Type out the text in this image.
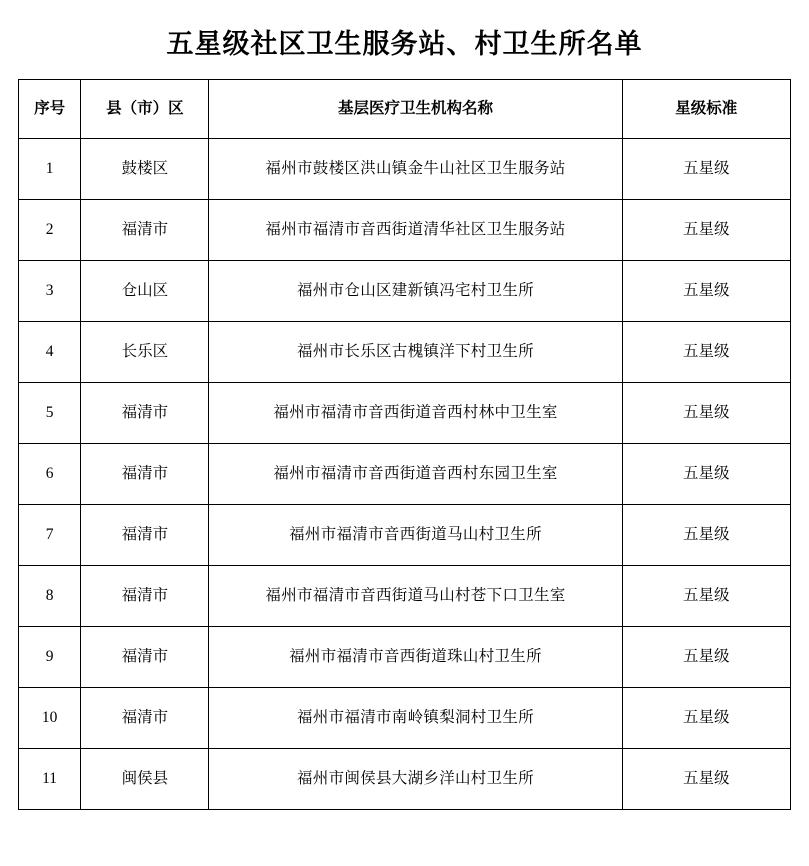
五星级社区卫生服务站、村卫生所名单
序号	县（市）区	基层医疗卫生机构名称	星级标准
1	鼓楼区	福州市鼓楼区洪山镇金牛山社区卫生服务站	五星级
2	福清市	福州市福清市音西街道清华社区卫生服务站	五星级
3	仓山区	福州市仓山区建新镇冯宅村卫生所	五星级
4	长乐区	福州市长乐区古槐镇洋下村卫生所	五星级
5	福清市	福州市福清市音西街道音西村林中卫生室	五星级
6	福清市	福州市福清市音西街道音西村东园卫生室	五星级
7	福清市	福州市福清市音西街道马山村卫生所	五星级
8	福清市	福州市福清市音西街道马山村苍下口卫生室	五星级
9	福清市	福州市福清市音西街道珠山村卫生所	五星级
10	福清市	福州市福清市南岭镇梨洞村卫生所	五星级
11	闽侯县	福州市闽侯县大湖乡洋山村卫生所	五星级
